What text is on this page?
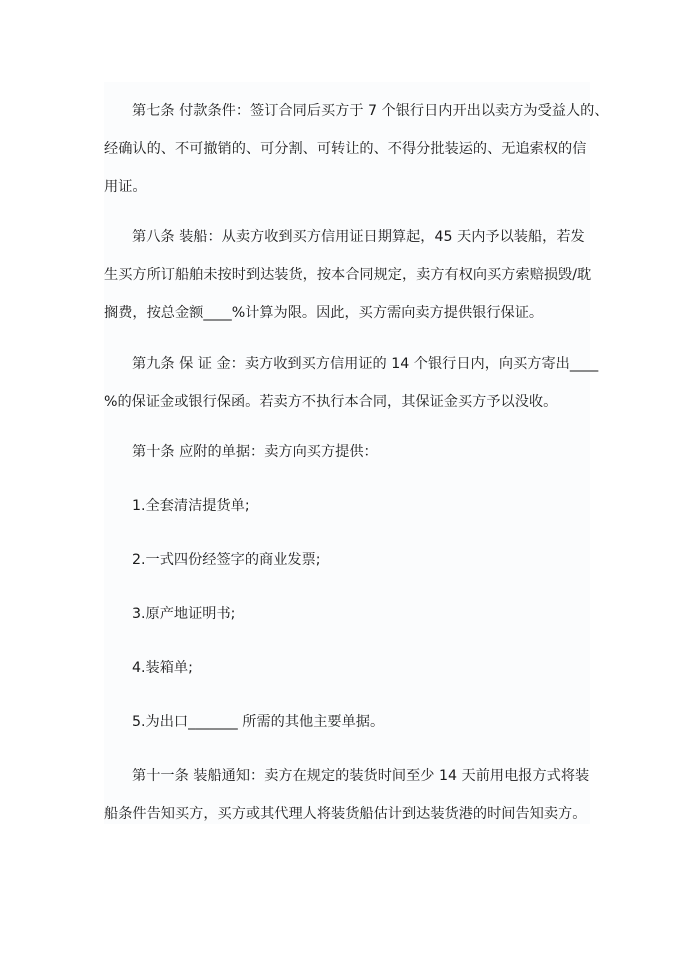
第七条 付款条件：签订合同后买方于 7 个银行日内开出以卖方为受益人的、
经确认的、不可撤销的、可分割、可转让的、不得分批装运的、无追索权的信
用证。
第八条 装船：从卖方收到买方信用证日期算起，45 天内予以装船，若发
生买方所订船舶未按时到达装货，按本合同规定，卖方有权向买方索赔损毁/耽
搁费，按总金额____%计算为限。因此，买方需向卖方提供银行保证。
第九条 保 证 金：卖方收到买方信用证的 14 个银行日内，向买方寄出____
%的保证金或银行保函。若卖方不执行本合同，其保证金买方予以没收。
第十条 应附的单据：卖方向买方提供：
1.全套清洁提货单;
2.一式四份经签字的商业发票;
3.原产地证明书;
4.装箱单;
5.为出口_______ 所需的其他主要单据。
第十一条 装船通知：卖方在规定的装货时间至少 14 天前用电报方式将装
船条件告知买方，买方或其代理人将装货船估计到达装货港的时间告知卖方。
